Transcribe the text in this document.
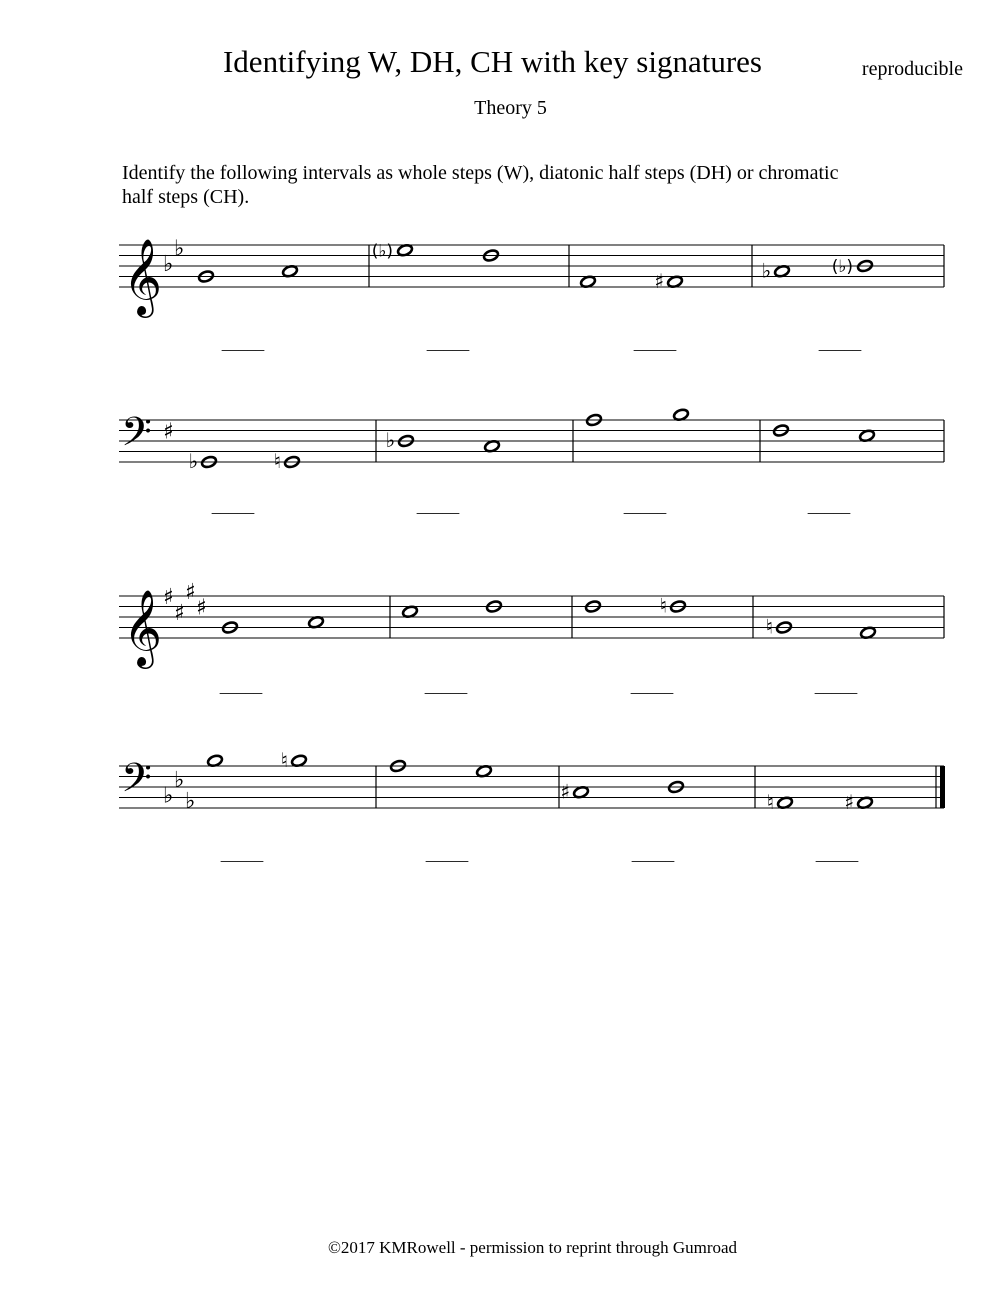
Identifying W, DH, CH with key signatures	reproducible
Theory 5
Identify the following intervals as whole steps (W), diatonic half steps (DH) or chromatic half steps (CH).
𝄞 ♭
♭
_____
(♭)
_____
♯
_____
♭	(♭)
_____
𝄢 ♯
♭	♮
_____
♭
_____	_____	_____
𝄞 ♯
♯
♯
♯
_____	_____
♮
_____
♮
_____
𝄢 ♭
♭
♭
♮
_____	_____
♯
_____
♮	♯
_____
©2017 KMRowell - permission to reprint through Gumroad
